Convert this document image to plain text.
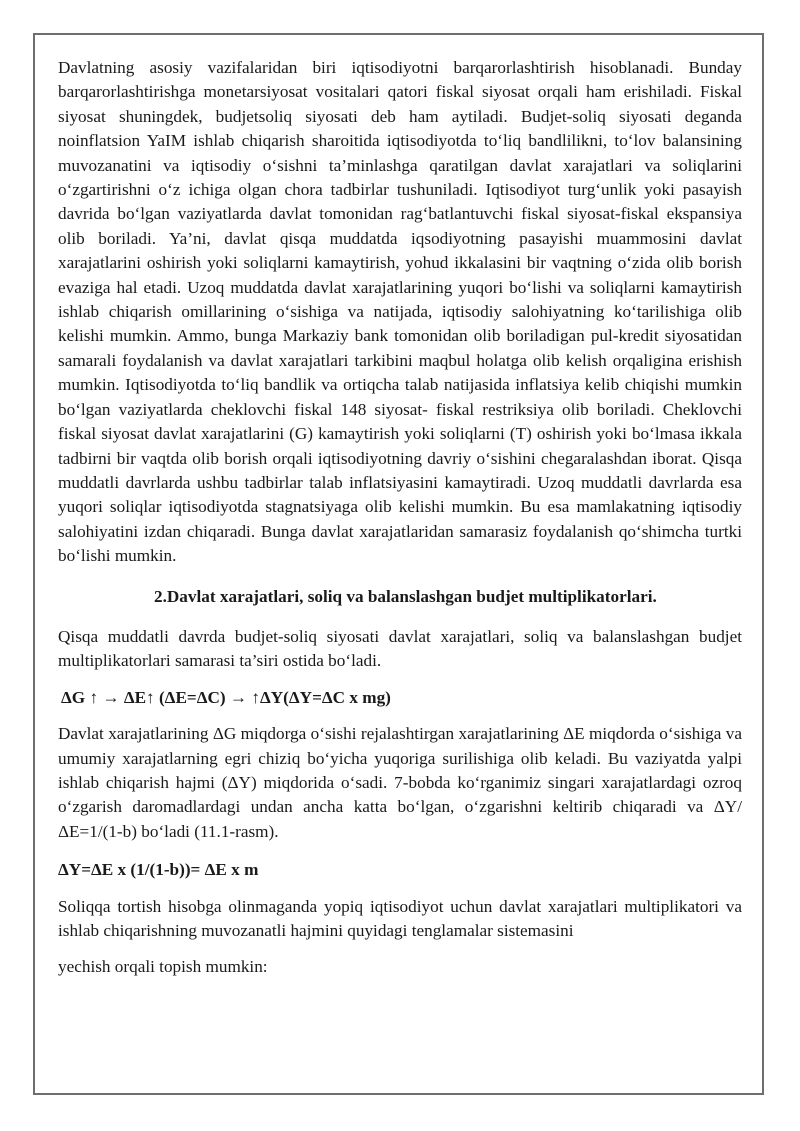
Davlatning asosiy vazifalaridan biri iqtisodiyotni barqarorlashtirish hisoblanadi. Bunday barqarorlashtirishga monetarsiyosat vositalari qatori fiskal siyosat orqali ham erishiladi. Fiskal siyosat shuningdek, budjetsoliq siyosati deb ham aytiladi. Budjet-soliq siyosati deganda noinflatsion YaIM ishlab chiqarish sharoitida iqtisodiyotda to‘liq bandlilikni, to‘lov balansining muvozanatini va iqtisodiy o‘sishni ta’minlashga qaratilgan davlat xarajatlari va soliqlarini o‘zgartirishni o‘z ichiga olgan chora tadbirlar tushuniladi. Iqtisodiyot turg‘unlik yoki pasayish davrida bo‘lgan vaziyatlarda davlat tomonidan rag‘batlantuvchi fiskal siyosat-fiskal ekspansiya olib boriladi. Ya’ni, davlat qisqa muddatda iqsodiyotning pasayishi muammosini davlat xarajatlarini oshirish yoki soliqlarni kamaytirish, yohud ikkalasini bir vaqtning o‘zida olib borish evaziga hal etadi. Uzoq muddatda davlat xarajatlarining yuqori bo‘lishi va soliqlarni kamaytirish ishlab chiqarish omillarining o‘sishiga va natijada, iqtisodiy salohiyatning ko‘tarilishiga olib kelishi mumkin. Ammo, bunga Markaziy bank tomonidan olib boriladigan pul-kredit siyosatidan samarali foydalanish va davlat xarajatlari tarkibini maqbul holatga olib kelish orqaligina erishish mumkin. Iqtisodiyotda to‘liq bandlik va ortiqcha talab natijasida inflatsiya kelib chiqishi mumkin bo‘lgan vaziyatlarda cheklovchi fiskal 148 siyosat- fiskal restriksiya olib boriladi. Cheklovchi fiskal siyosat davlat xarajatlarini (G) kamaytirish yoki soliqlarni (T) oshirish yoki bo‘lmasa ikkala tadbirni bir vaqtda olib borish orqali iqtisodiyotning davriy o‘sishini chegaralashdan iborat. Qisqa muddatli davrlarda ushbu tadbirlar talab inflatsiyasini kamaytiradi. Uzoq muddatli davrlarda esa yuqori soliqlar iqtisodiyotda stagnatsiyaga olib kelishi mumkin. Bu esa mamlakatning iqtisodiy salohiyatini izdan chiqaradi. Bunga davlat xarajatlaridan samarasiz foydalanish qo‘shimcha turtki bo‘lishi mumkin.

2.Davlat xarajatlari, soliq va balanslashgan budjet multiplikatorlari.

Qisqa muddatli davrda budjet-soliq siyosati davlat xarajatlari, soliq va balanslashgan budjet multiplikatorlari samarasi ta’siri ostida bo‘ladi.

ΔG ↑ → ΔE↑ (ΔE=ΔC) → ↑ΔY(ΔY=ΔC x mg)

Davlat xarajatlarining ΔG miqdorga o‘sishi rejalashtirgan xarajatlarining ΔE miqdorda o‘sishiga va umumiy xarajatlarning egri chiziq bo‘yicha yuqoriga surilishiga olib keladi. Bu vaziyatda yalpi ishlab chiqarish hajmi (ΔY) miqdorida o‘sadi. 7-bobda ko‘rganimiz singari xarajatlardagi ozroq o‘zgarish daromadlardagi undan ancha katta bo‘lgan, o‘zgarishni keltirib chiqaradi va ΔY/ ΔE=1/(1-b) bo‘ladi (11.1-rasm).

ΔY=ΔE x (1/(1-b))= ΔE x m

Soliqqa tortish hisobga olinmaganda yopiq iqtisodiyot uchun davlat xarajatlari multiplikatori va ishlab chiqarishning muvozanatli hajmini quyidagi tenglamalar sistemasini

yechish orqali topish mumkin:
